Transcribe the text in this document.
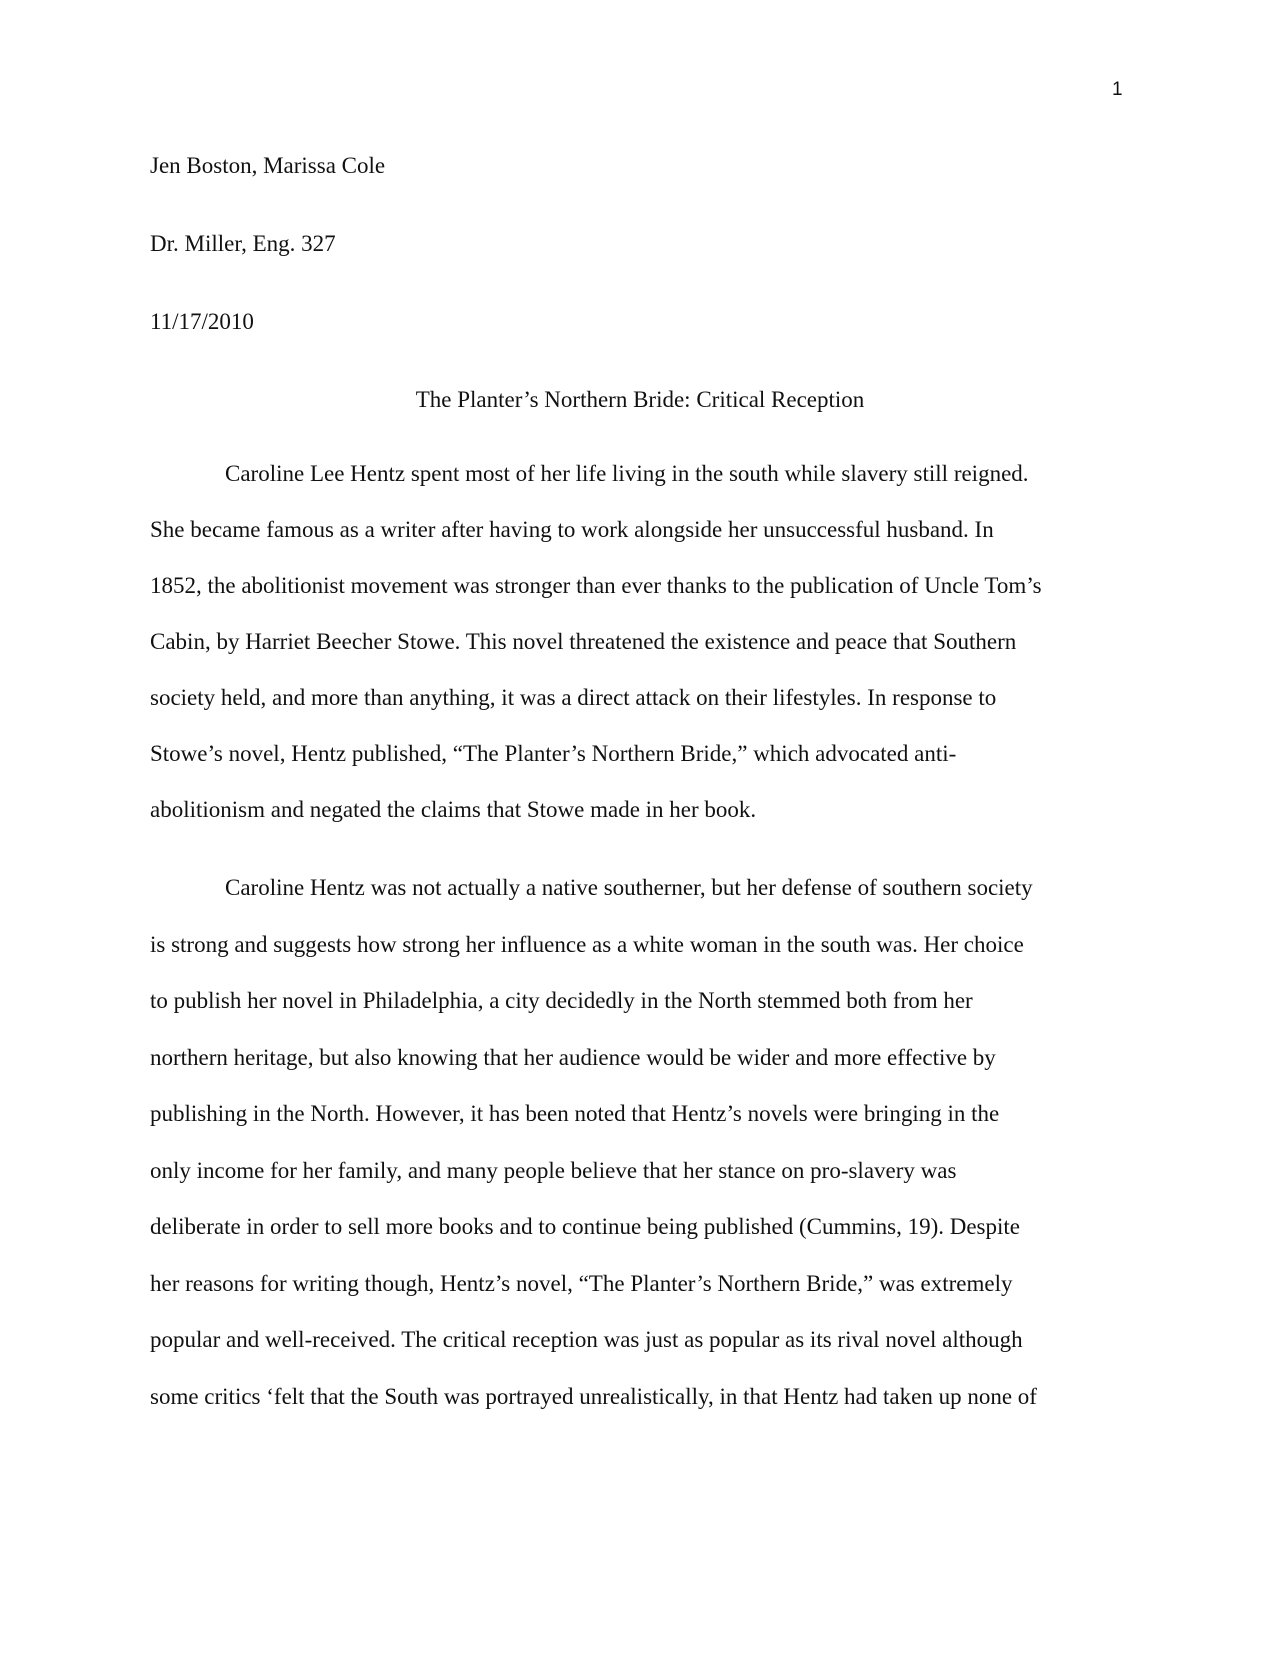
1
Jen Boston, Marissa Cole
Dr. Miller, Eng. 327
11/17/2010
The Planter’s Northern Bride: Critical Reception
Caroline Lee Hentz spent most of her life living in the south while slavery still reigned.
She became famous as a writer after having to work alongside her unsuccessful husband. In
1852, the abolitionist movement was stronger than ever thanks to the publication of Uncle Tom’s
Cabin, by Harriet Beecher Stowe. This novel threatened the existence and peace that Southern
society held, and more than anything, it was a direct attack on their lifestyles. In response to
Stowe’s novel, Hentz published, “The Planter’s Northern Bride,” which advocated anti-
abolitionism and negated the claims that Stowe made in her book.
Caroline Hentz was not actually a native southerner, but her defense of southern society
is strong and suggests how strong her influence as a white woman in the south was. Her choice
to publish her novel in Philadelphia, a city decidedly in the North stemmed both from her
northern heritage, but also knowing that her audience would be wider and more effective by
publishing in the North. However, it has been noted that Hentz’s novels were bringing in the
only income for her family, and many people believe that her stance on pro-slavery was
deliberate in order to sell more books and to continue being published (Cummins, 19). Despite
her reasons for writing though, Hentz’s novel, “The Planter’s Northern Bride,” was extremely
popular and well-received. The critical reception was just as popular as its rival novel although
some critics ‘felt that the South was portrayed unrealistically, in that Hentz had taken up none of
